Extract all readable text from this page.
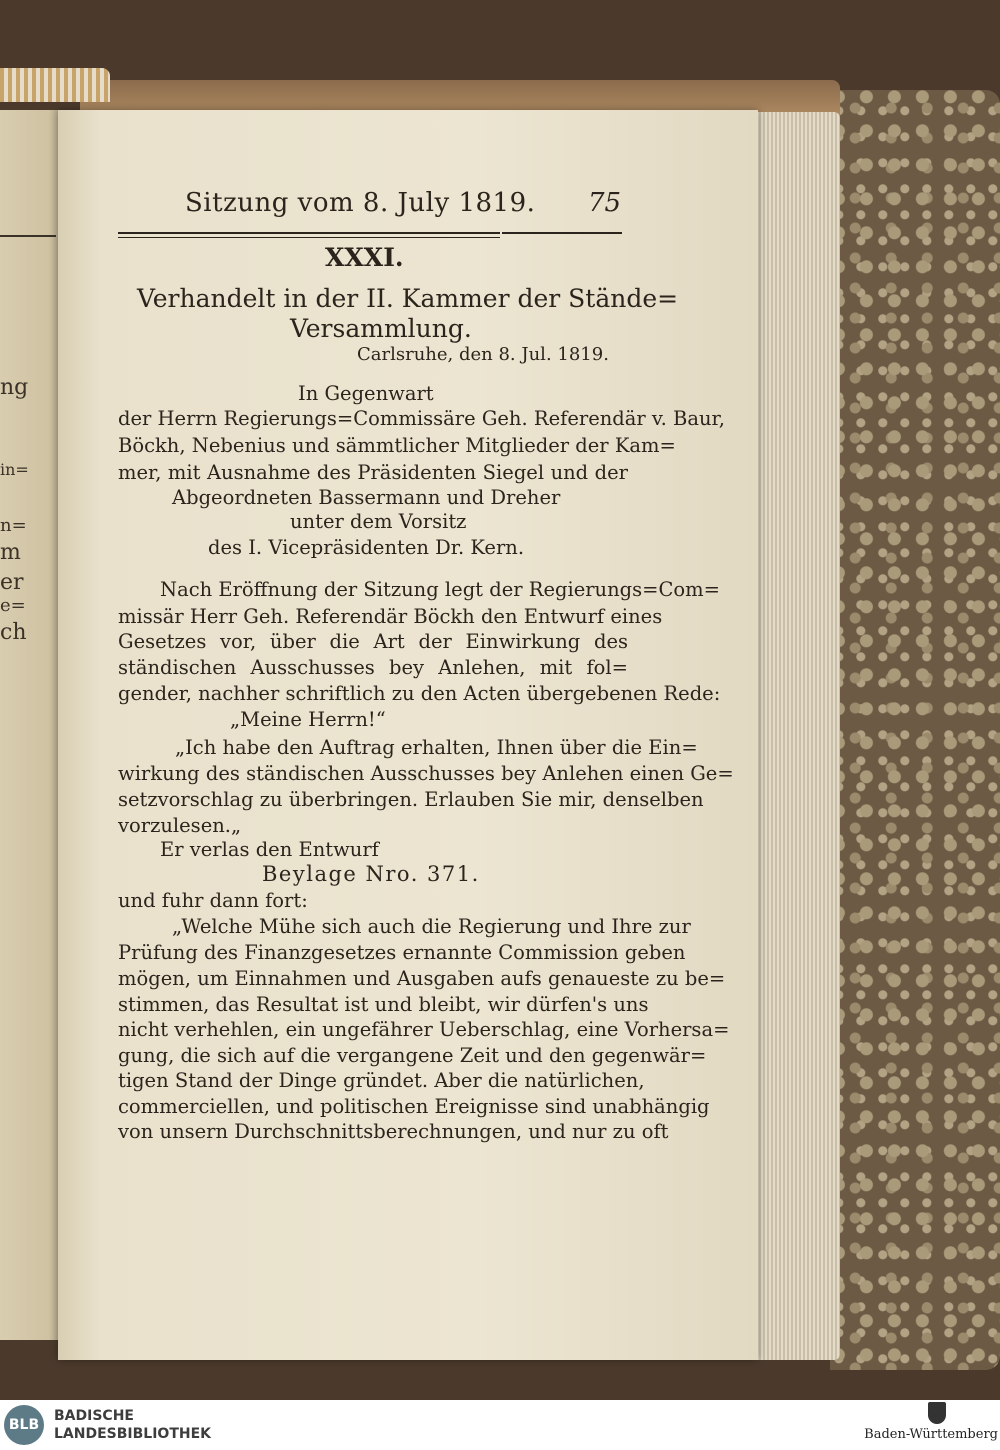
ng
in=
n=
m
er
e=
ch
Sitzung vom 8. July 1819. 75
XXXI.
Verhandelt in der II. Kammer der Stände=
Versammlung.
Carlsruhe, den 8. Jul. 1819.
In Gegenwart
der Herrn Regierungs=Commissäre Geh. Referendär v. Baur,
Böckh, Nebenius und sämmtlicher Mitglieder der Kam=
mer, mit Ausnahme des Präsidenten Siegel und der
Abgeordneten Bassermann und Dreher
unter dem Vorsitz
des I. Vicepräsidenten Dr. Kern.
Nach Eröffnung der Sitzung legt der Regierungs=Com=
missär Herr Geh. Referendär Böckh den Entwurf eines
Gesetzes vor, über die Art der Einwirkung des
ständischen Ausschusses bey Anlehen, mit fol=
gender, nachher schriftlich zu den Acten übergebenen Rede:
„Meine Herrn!“
„Ich habe den Auftrag erhalten, Ihnen über die Ein=
wirkung des ständischen Ausschusses bey Anlehen einen Ge=
setzvorschlag zu überbringen. Erlauben Sie mir, denselben
vorzulesen.„
Er verlas den Entwurf
Beylage Nro. 371.
und fuhr dann fort:
„Welche Mühe sich auch die Regierung und Ihre zur
Prüfung des Finanzgesetzes ernannte Commission geben
mögen, um Einnahmen und Ausgaben aufs genaueste zu be=
stimmen, das Resultat ist und bleibt, wir dürfen's uns
nicht verhehlen, ein ungefährer Ueberschlag, eine Vorhersa=
gung, die sich auf die vergangene Zeit und den gegenwär=
tigen Stand der Dinge gründet. Aber die natürlichen,
commerciellen, und politischen Ereignisse sind unabhängig
von unsern Durchschnittsberechnungen, und nur zu oft
BLB
BADISCHE
LANDESBIBLIOTHEK	Baden-Württemberg
